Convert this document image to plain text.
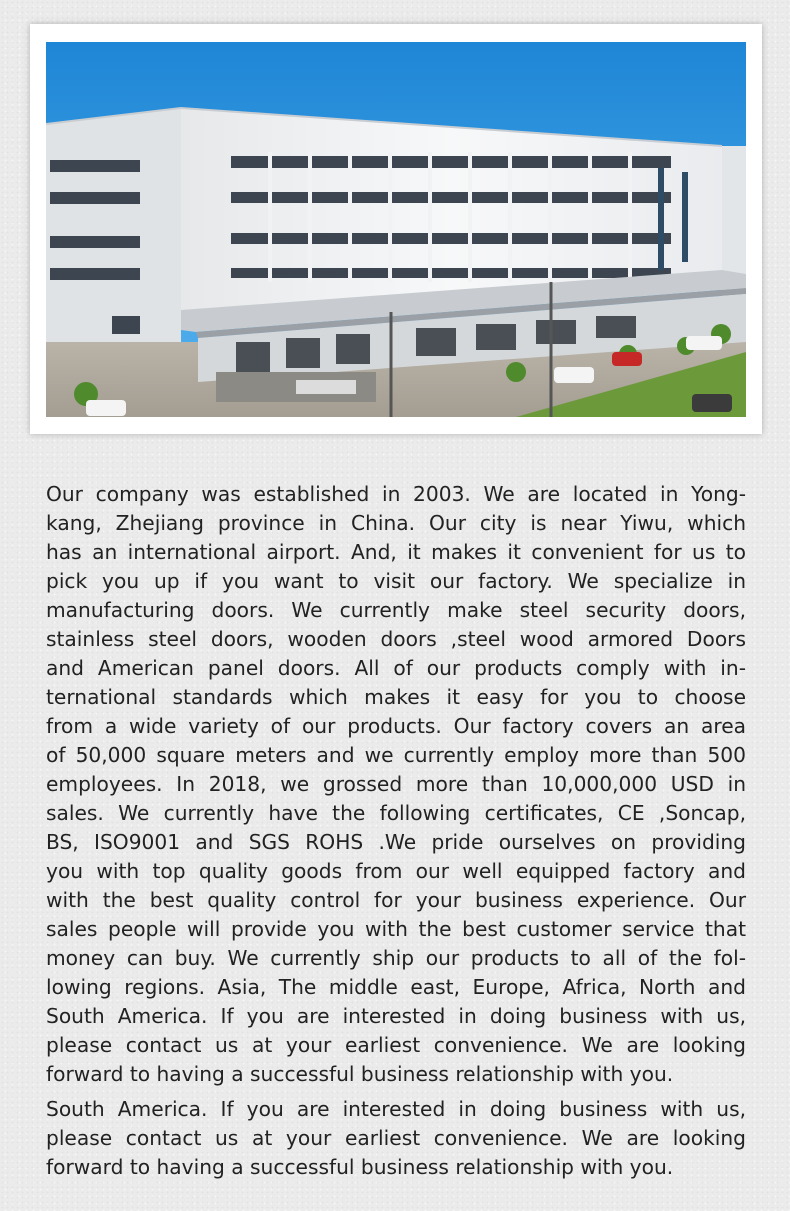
Our company was established in 2003. We are located in Yong-
kang, Zhejiang province in China. Our city is near Yiwu, which
has an international airport. And, it makes it convenient for us to
pick you up if you want to visit our factory. We specialize in
manufacturing doors. We currently make steel security doors,
stainless steel doors, wooden doors ,steel wood armored Doors
and American panel doors. All of our products comply with in-
ternational standards which makes it easy for you to choose
from a wide variety of our products. Our factory covers an area
of 50,000 square meters and we currently employ more than 500
employees. In 2018, we grossed more than 10,000,000 USD in
sales. We currently have the following certificates, CE ,Soncap,
BS, ISO9001 and SGS ROHS .We pride ourselves on providing
you with top quality goods from our well equipped factory and
with the best quality control for your business experience. Our
sales people will provide you with the best customer service that
money can buy. We currently ship our products to all of the fol-
lowing regions. Asia, The middle east, Europe, Africa, North and
South America. If you are interested in doing business with us,
please contact us at your earliest convenience. We are looking
forward to having a successful business relationship with you.

South America. If you are interested in doing business with us,
please contact us at your earliest convenience. We are looking
forward to having a successful business relationship with you.
